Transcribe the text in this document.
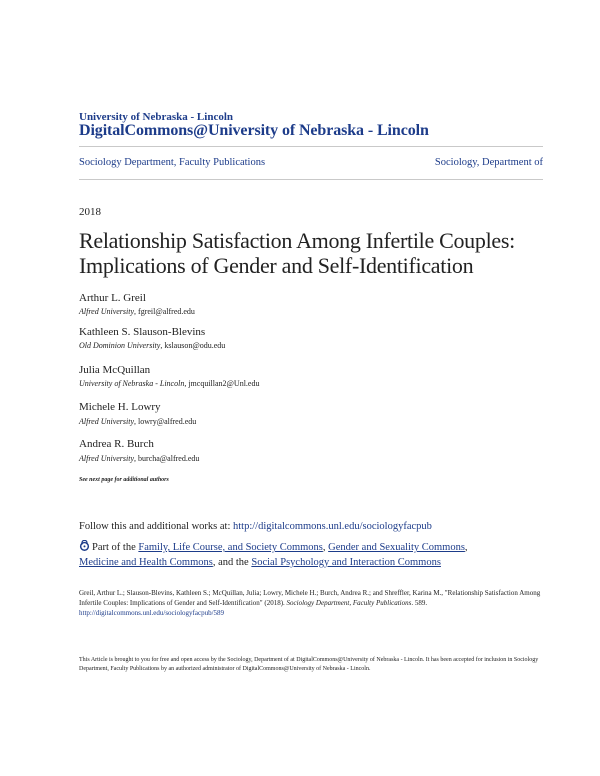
University of Nebraska - Lincoln
DigitalCommons@University of Nebraska - Lincoln
Sociology Department, Faculty Publications	Sociology, Department of
2018
Relationship Satisfaction Among Infertile Couples:
Implications of Gender and Self-Identification
Arthur L. Greil
Alfred University, fgreil@alfred.edu
Kathleen S. Slauson-Blevins
Old Dominion University, kslauson@odu.edu
Julia McQuillan
University of Nebraska - Lincoln, jmcquillan2@Unl.edu
Michele H. Lowry
Alfred University, lowry@alfred.edu
Andrea R. Burch
Alfred University, burcha@alfred.edu
See next page for additional authors
Follow this and additional works at: http://digitalcommons.unl.edu/sociologyfacpub
Part of the Family, Life Course, and Society Commons, Gender and Sexuality Commons,
Medicine and Health Commons, and the Social Psychology and Interaction Commons
Greil, Arthur L.; Slauson-Blevins, Kathleen S.; McQuillan, Julia; Lowry, Michele H.; Burch, Andrea R.; and Shreffler, Karina M., "Relationship Satisfaction Among Infertile Couples: Implications of Gender and Self-Identification" (2018). Sociology Department, Faculty Publications. 589.
http://digitalcommons.unl.edu/sociologyfacpub/589
This Article is brought to you for free and open access by the Sociology, Department of at DigitalCommons@University of Nebraska - Lincoln. It has been accepted for inclusion in Sociology Department, Faculty Publications by an authorized administrator of DigitalCommons@University of Nebraska - Lincoln.
